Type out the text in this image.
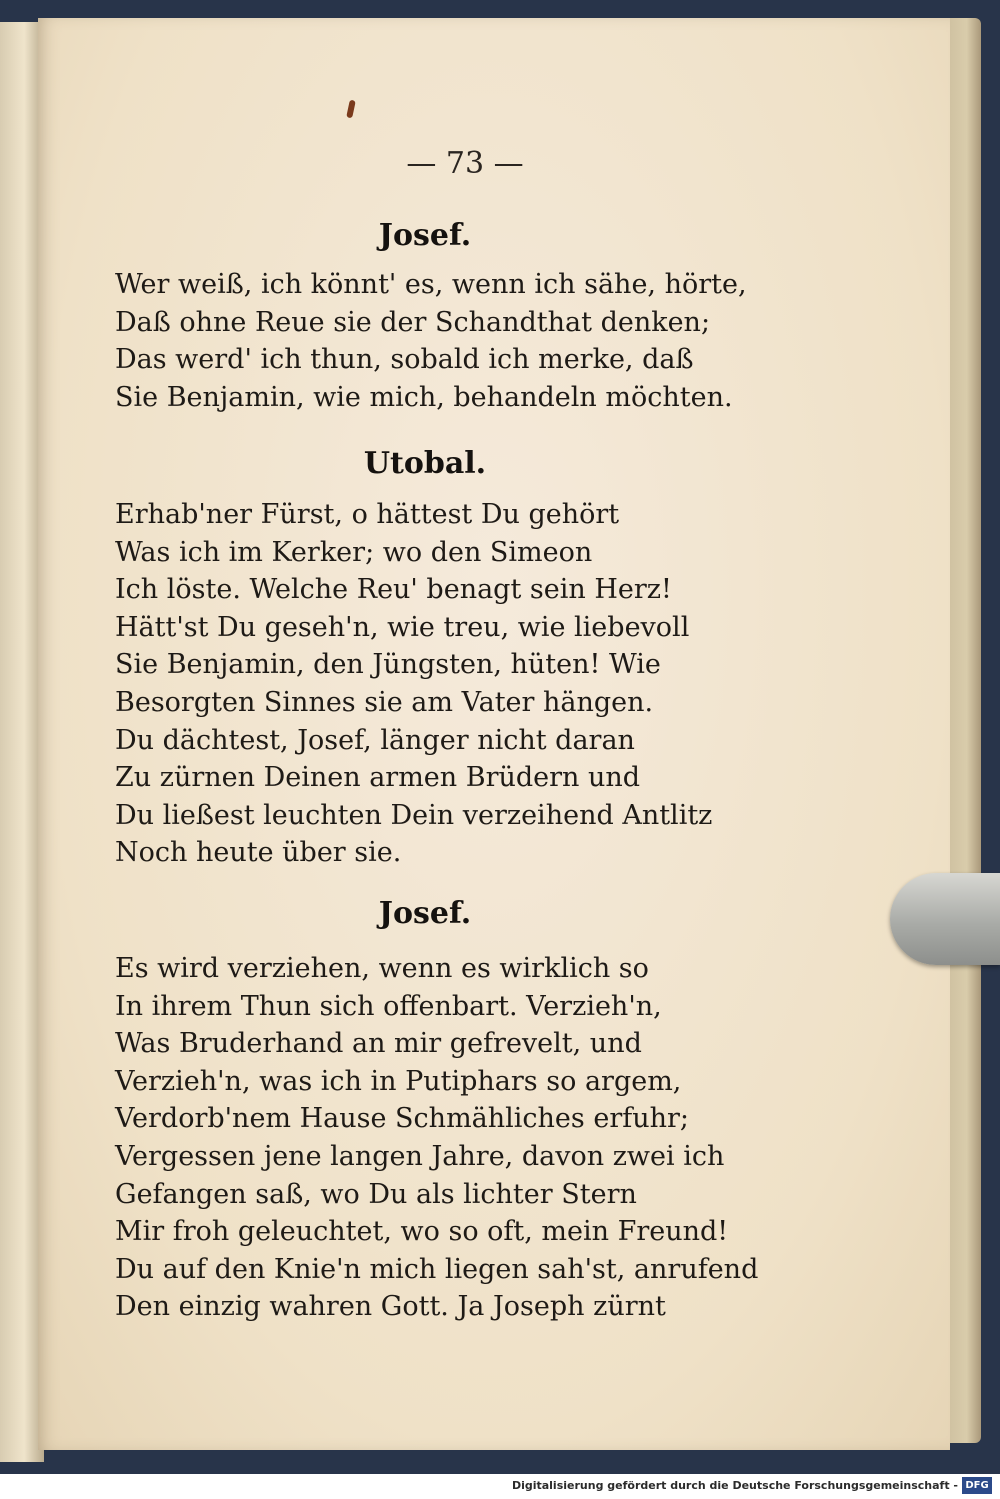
— 73 —
Josef.

Wer weiß, ich könnt' es, wenn ich sähe, hörte,

Daß ohne Reue sie der Schandthat denken;

Das werd' ich thun, sobald ich merke, daß

Sie Benjamin, wie mich, behandeln möchten.

Utobal.

Erhab'ner Fürst, o hättest Du gehört

Was ich im Kerker; wo den Simeon

Ich löste. Welche Reu' benagt sein Herz!

Hätt'st Du geseh'n, wie treu, wie liebevoll

Sie Benjamin, den Jüngsten, hüten! Wie

Besorgten Sinnes sie am Vater hängen.

Du dächtest, Josef, länger nicht daran

Zu zürnen Deinen armen Brüdern und

Du ließest leuchten Dein verzeihend Antlitz

Noch heute über sie.

Josef.

Es wird verziehen, wenn es wirklich so

In ihrem Thun sich offenbart. Verzieh'n,

Was Bruderhand an mir gefrevelt, und

Verzieh'n, was ich in Putiphars so argem,

Verdorb'nem Hause Schmähliches erfuhr;

Vergessen jene langen Jahre, davon zwei ich

Gefangen saß, wo Du als lichter Stern

Mir froh geleuchtet, wo so oft, mein Freund!

Du auf den Knie'n mich liegen sah'st, anrufend

Den einzig wahren Gott. Ja Joseph zürnt

Digitalisierung gefördert durch die Deutsche Forschungsgemeinschaft - DFG
